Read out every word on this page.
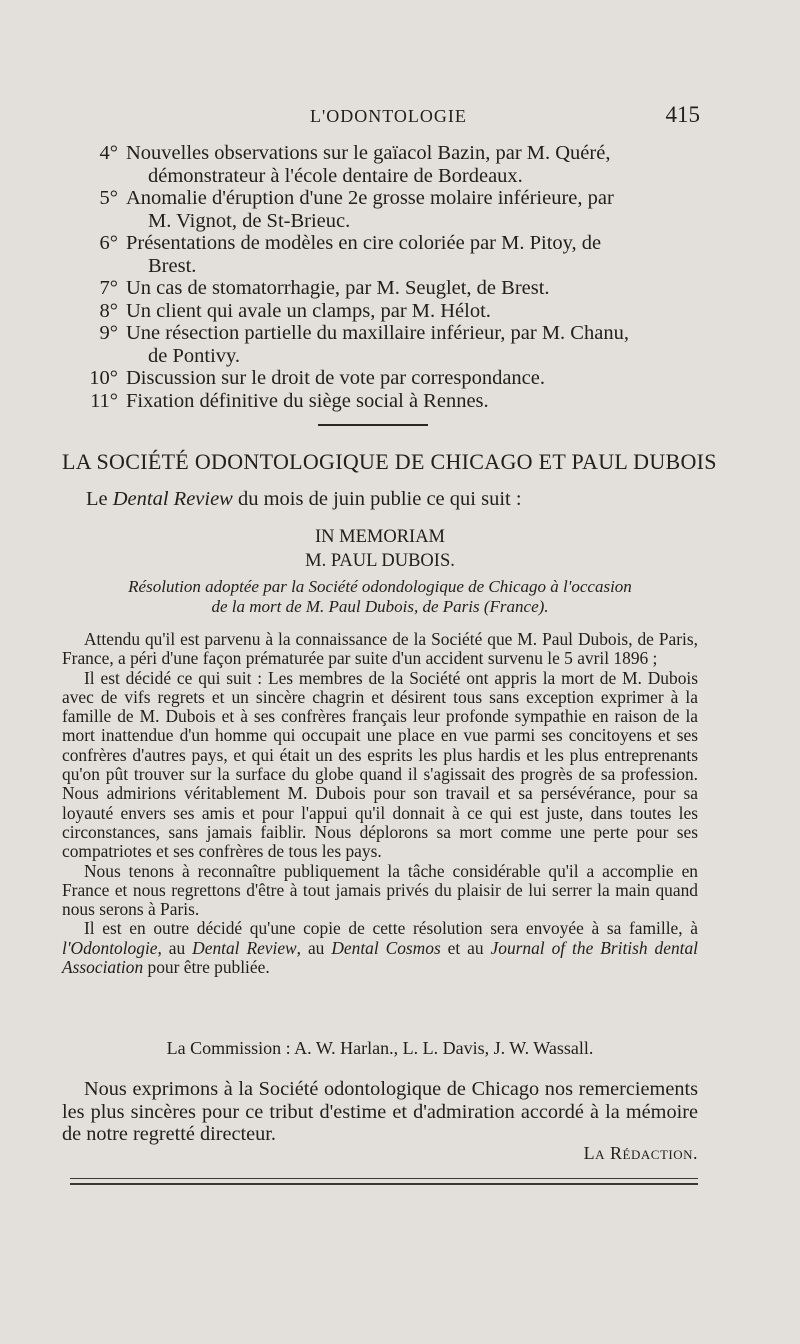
L'ODONTOLOGIE	415
4° Nouvelles observations sur le gaïacol Bazin, par M. Quéré,
démonstrateur à l'école dentaire de Bordeaux.
5° Anomalie d'éruption d'une 2e grosse molaire inférieure, par
M. Vignot, de St-Brieuc.
6° Présentations de modèles en cire coloriée par M. Pitoy, de
Brest.
7° Un cas de stomatorrhagie, par M. Seuglet, de Brest.
8° Un client qui avale un clamps, par M. Hélot.
9° Une résection partielle du maxillaire inférieur, par M. Chanu,
de Pontivy.
10° Discussion sur le droit de vote par correspondance.
11° Fixation définitive du siège social à Rennes.
LA SOCIÉTÉ ODONTOLOGIQUE DE CHICAGO ET PAUL DUBOIS
Le Dental Review du mois de juin publie ce qui suit :
IN MEMORIAM
M. PAUL DUBOIS.
Résolution adoptée par la Société odondologique de Chicago à l'occasion
de la mort de M. Paul Dubois, de Paris (France).

Attendu qu'il est parvenu à la connaissance de la Société que M. Paul Dubois, de Paris, France, a péri d'une façon prématurée par suite d'un accident survenu le 5 avril 1896 ;

Il est décidé ce qui suit : Les membres de la Société ont appris la mort de M. Dubois avec de vifs regrets et un sincère chagrin et désirent tous sans exception exprimer à la famille de M. Dubois et à ses confrères français leur profonde sympathie en raison de la mort inattendue d'un homme qui occupait une place en vue parmi ses concitoyens et ses confrères d'autres pays, et qui était un des esprits les plus hardis et les plus entreprenants qu'on pût trouver sur la surface du globe quand il s'agissait des progrès de sa profession. Nous admirions véritablement M. Dubois pour son travail et sa persévérance, pour sa loyauté envers ses amis et pour l'appui qu'il donnait à ce qui est juste, dans toutes les circonstances, sans jamais faiblir. Nous déplorons sa mort comme une perte pour ses compatriotes et ses confrères de tous les pays.

Nous tenons à reconnaître publiquement la tâche considérable qu'il a accomplie en France et nous regrettons d'être à tout jamais privés du plaisir de lui serrer la main quand nous serons à Paris.

Il est en outre décidé qu'une copie de cette résolution sera envoyée à sa famille, à l'Odontologie, au Dental Review, au Dental Cosmos et au Journal of the British dental Association pour être publiée.

La Commission : A. W. Harlan., L. L. Davis, J. W. Wassall.

Nous exprimons à la Société odontologique de Chicago nos remerciements les plus sincères pour ce tribut d'estime et d'admiration accordé à la mémoire de notre regretté directeur.

La Rédaction.
